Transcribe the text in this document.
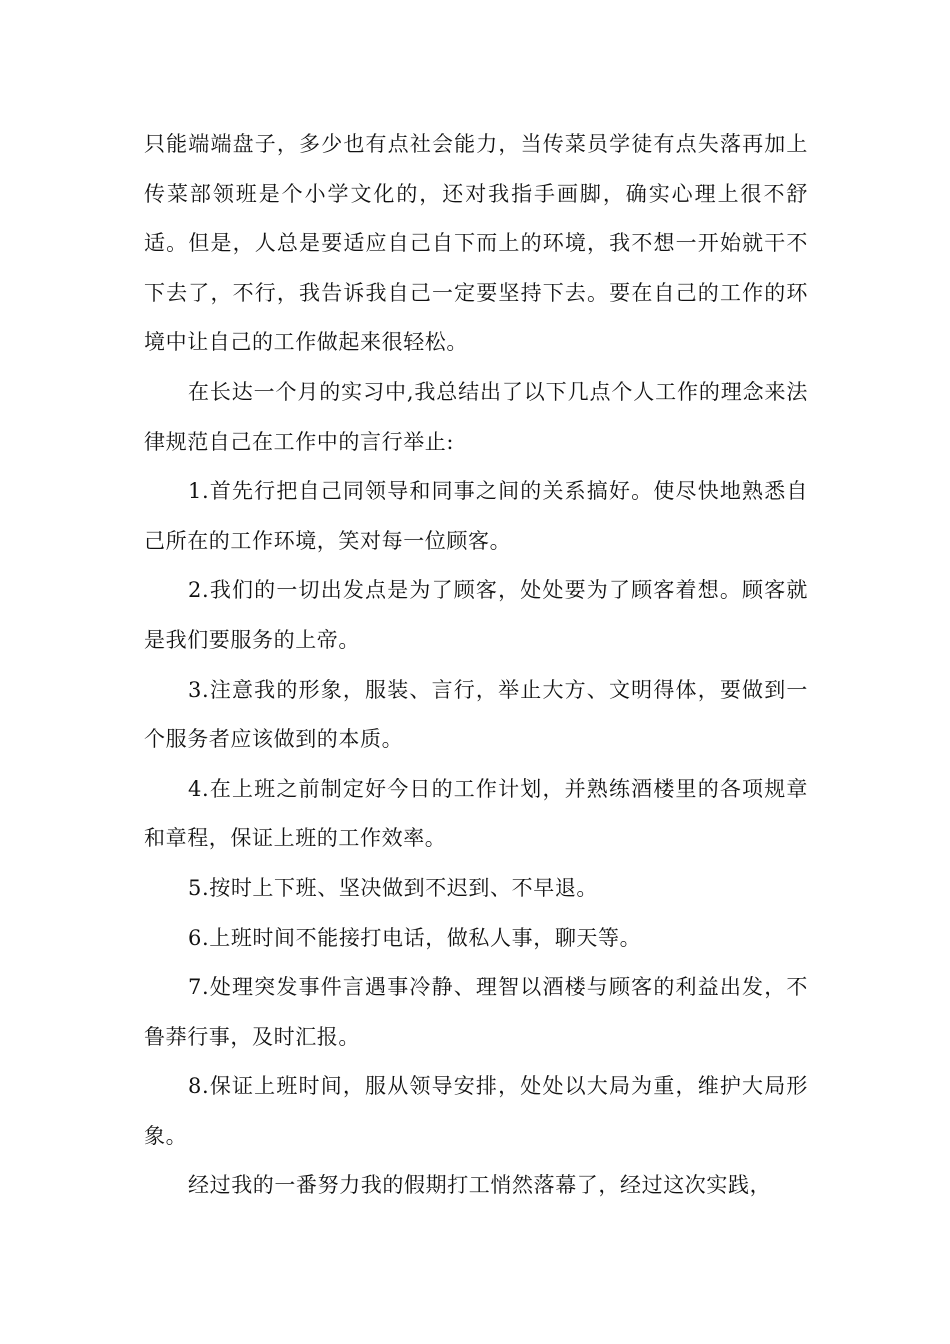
只能端端盘子，多少也有点社会能力，当传菜员学徒有点失落再加上传菜部领班是个小学文化的，还对我指手画脚，确实心理上很不舒适。但是，人总是要适应自己自下而上的环境，我不想一开始就干不下去了，不行，我告诉我自己一定要坚持下去。要在自己的工作的环境中让自己的工作做起来很轻松。

在长达一个月的实习中,我总结出了以下几点个人工作的理念来法律规范自己在工作中的言行举止:

1.首先行把自己同领导和同事之间的关系搞好。使尽快地熟悉自己所在的工作环境，笑对每一位顾客。

2.我们的一切出发点是为了顾客，处处要为了顾客着想。顾客就是我们要服务的上帝。

3.注意我的形象，服装、言行，举止大方、文明得体，要做到一个服务者应该做到的本质。

4.在上班之前制定好今日的工作计划，并熟练酒楼里的各项规章和章程，保证上班的工作效率。

5.按时上下班、坚决做到不迟到、不早退。

6.上班时间不能接打电话，做私人事，聊天等。

7.处理突发事件言遇事冷静、理智以酒楼与顾客的利益出发，不鲁莽行事，及时汇报。

8.保证上班时间，服从领导安排，处处以大局为重，维护大局形象。

经过我的一番努力我的假期打工悄然落幕了，经过这次实践，
